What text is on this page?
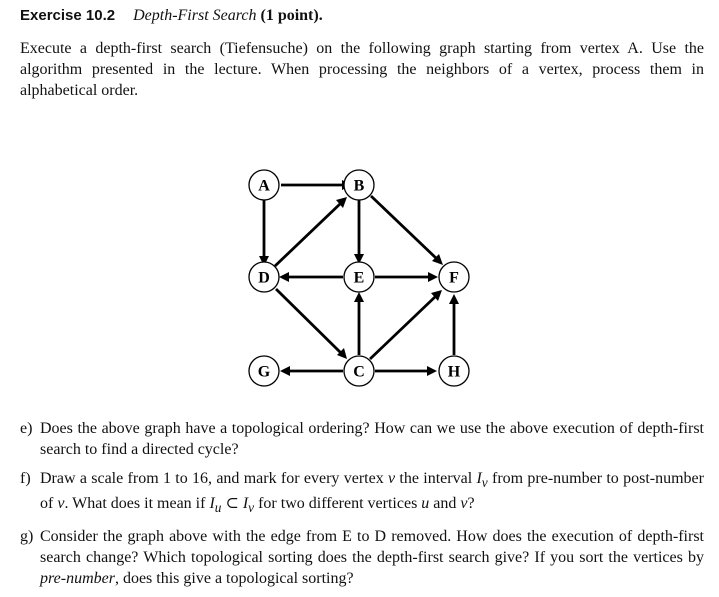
Exercise 10.2 Depth-First Search (1 point).
Execute a depth-first search (Tiefensuche) on the following graph starting from vertex A. Use the algorithm presented in the lecture. When processing the neighbors of a vertex, process them in alphabetical order.
A	B
D	E	F
G	C	H
e) Does the above graph have a topological ordering? How can we use the above execution of depth-first search to find a directed cycle?
f) Draw a scale from 1 to 16, and mark for every vertex v the interval $I_v$ from pre-number to post-number of v. What does it mean if $I_u$ ⊂ $I_v$ for two different vertices u and v?
g) Consider the graph above with the edge from E to D removed. How does the execution of depth-first search change? Which topological sorting does the depth-first search give? If you sort the vertices by pre-number, does this give a topological sorting?
